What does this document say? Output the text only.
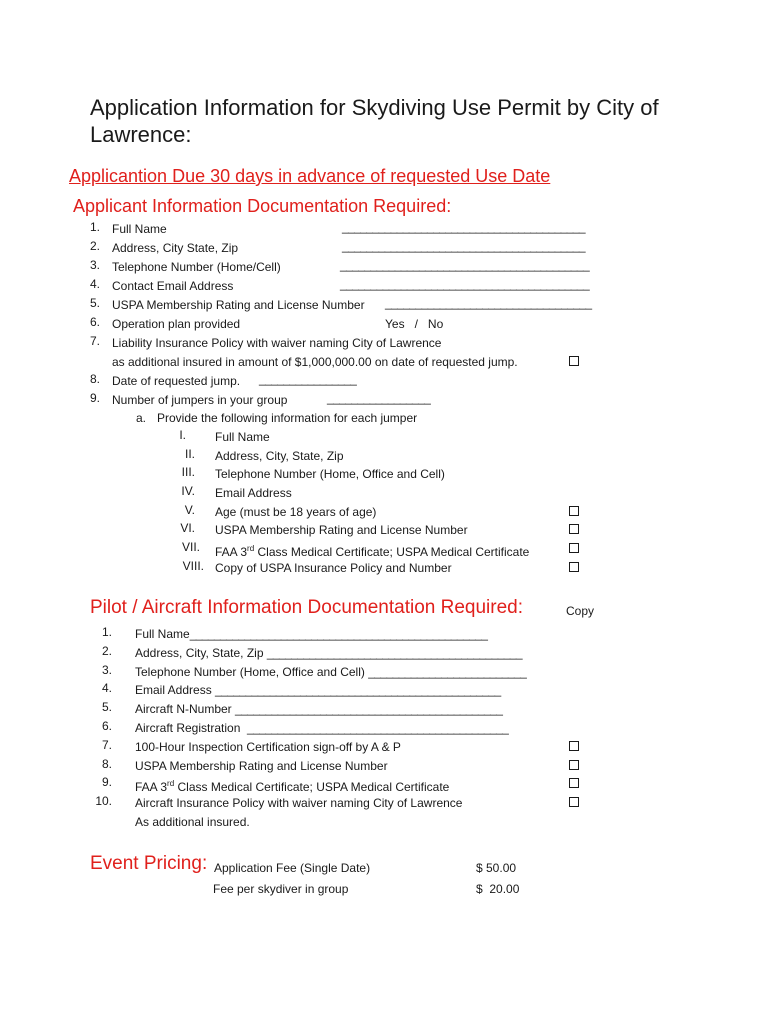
Application Information for Skydiving Use Permit by City of Lawrence:
Applicantion Due 30 days in advance of requested Use Date
Applicant Information Documentation Required:
1. Full Name	________________________________________
2. Address, City State, Zip	________________________________________
3. Telephone Number (Home/Cell)	_________________________________________
4. Contact Email Address	_________________________________________
5. USPA Membership Rating and License Number __________________________________
6. Operation plan provided	Yes   /   No
7. Liability Insurance Policy with waiver naming City of Lawrence
as additional insured in amount of $1,000,000.00 on date of requested jump.
8. Date of requested jump. ________________
9. Number of jumpers in your group	_________________
a. Provide the following information for each jumper
I. Full Name
II. Address, City, State, Zip
III. Telephone Number (Home, Office and Cell)
IV. Email Address
V. Age (must be 18 years of age)
VI. USPA Membership Rating and License Number
VII. FAA 3rd Class Medical Certificate; USPA Medical Certificate
VIII. Copy of USPA Insurance Policy and Number
Pilot / Aircraft Information Documentation Required:	Copy
1. Full Name_________________________________________________
2. Address, City, State, Zip __________________________________________
3. Telephone Number (Home, Office and Cell) __________________________
4. Email Address _______________________________________________
5. Aircraft N-Number ____________________________________________
6. Aircraft Registration ___________________________________________
7. 100-Hour Inspection Certification sign-off by A & P
8. USPA Membership Rating and License Number
9. FAA 3rd Class Medical Certificate; USPA Medical Certificate
10. Aircraft Insurance Policy with waiver naming City of Lawrence
As additional insured.
Event Pricing: Application Fee (Single Date)	$ 50.00
Fee per skydiver in group	$  20.00
